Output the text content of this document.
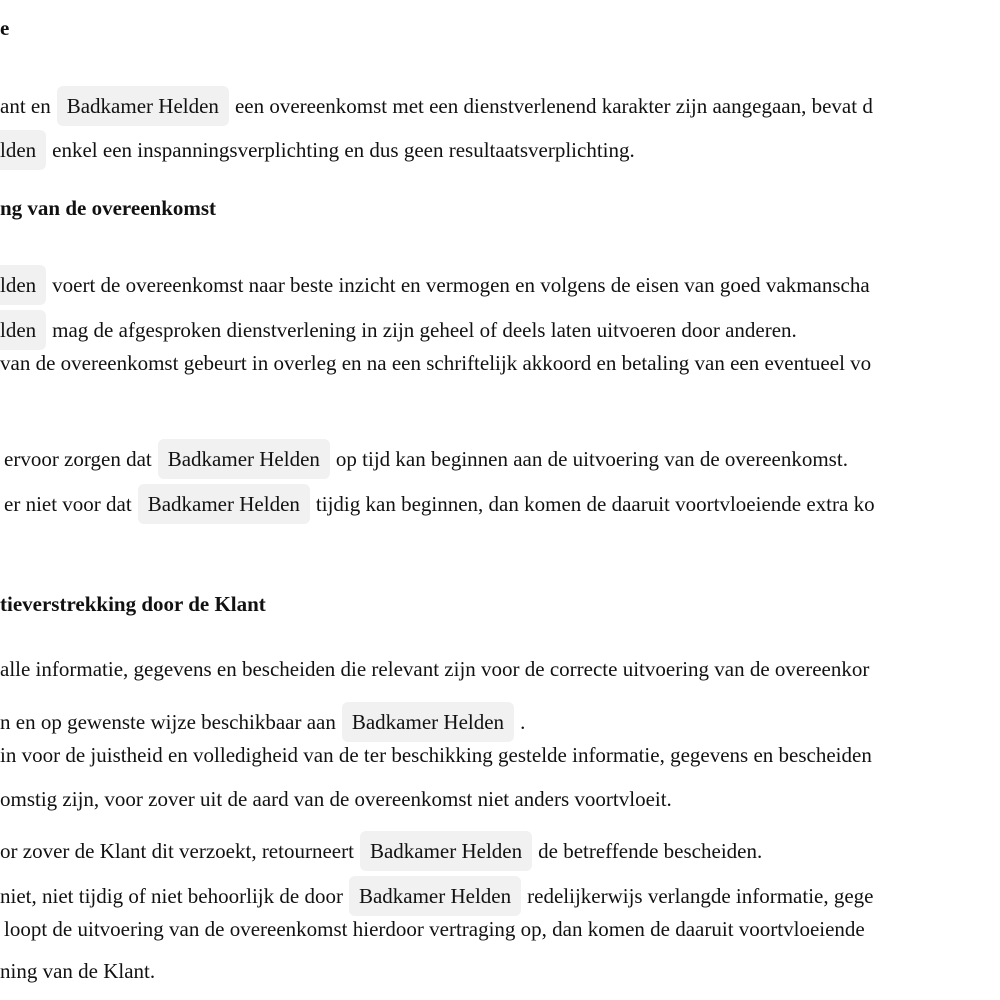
e
ant en Badkamer Helden een overeenkomst met een dienstverlenend karakter zijn aangegaan, bevat d
lden enkel een inspanningsverplichting en dus geen resultaatsverplichting.
ng van de overeenkomst
lden voert de overeenkomst naar beste inzicht en vermogen en volgens de eisen van goed vakmanscha
lden mag de afgesproken dienstverlening in zijn geheel of deels laten uitvoeren door anderen.
van de overeenkomst gebeurt in overleg en na een schriftelijk akkoord en betaling van een eventueel vo
ervoor zorgen dat Badkamer Helden op tijd kan beginnen aan de uitvoering van de overeenkomst.
er niet voor dat Badkamer Helden tijdig kan beginnen, dan komen de daaruit voortvloeiende extra ko
tieverstrekking door de Klant
alle informatie, gegevens en bescheiden die relevant zijn voor de correcte uitvoering van de overeenkor
n en op gewenste wijze beschikbaar aan Badkamer Helden .
in voor de juistheid en volledigheid van de ter beschikking gestelde informatie, gegevens en bescheiden
omstig zijn, voor zover uit de aard van de overeenkomst niet anders voortvloeit.
or zover de Klant dit verzoekt, retourneert Badkamer Helden de betreffende bescheiden.
niet, niet tijdig of niet behoorlijk de door Badkamer Helden redelijkerwijs verlangde informatie, gege
loopt de uitvoering van de overeenkomst hierdoor vertraging op, dan komen de daaruit voortvloeiende
ning van de Klant.
